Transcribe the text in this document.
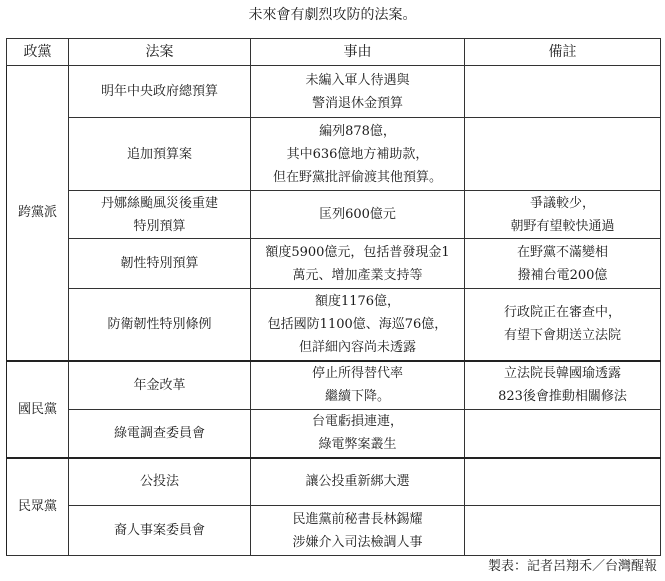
未來會有劇烈攻防的法案。
政黨	法案	事由	備註
跨黨派	明年中央政府總預算	未編入軍人待遇與
警消退休金預算	

	追加預算案	編列878億，
其中636億地方補助款，
但在野黨批評偷渡其他預算。	

	丹娜絲颱風災後重建
特別預算	匡列600億元	爭議較少，
朝野有望較快通過

	韌性特別預算	額度5900億元，包括普發現金1
萬元、增加產業支持等	在野黨不滿變相
撥補台電200億

	防衛韌性特別條例	額度1176億，
包括國防1100億、海巡76億，
但詳細內容尚未透露	行政院正在審查中，
有望下會期送立法院

國民黨	年金改革	停止所得替代率
繼續下降。	立法院長韓國瑜透露
823後會推動相關修法

	綠電調查委員會	台電虧損連連，
綠電弊案叢生	

民眾黨	公投法	讓公投重新綁大選	

	裔人事案委員會	民進黨前秘書長林錫耀
涉嫌介入司法檢調人事	

製表：記者呂翔禾／台灣醒報
